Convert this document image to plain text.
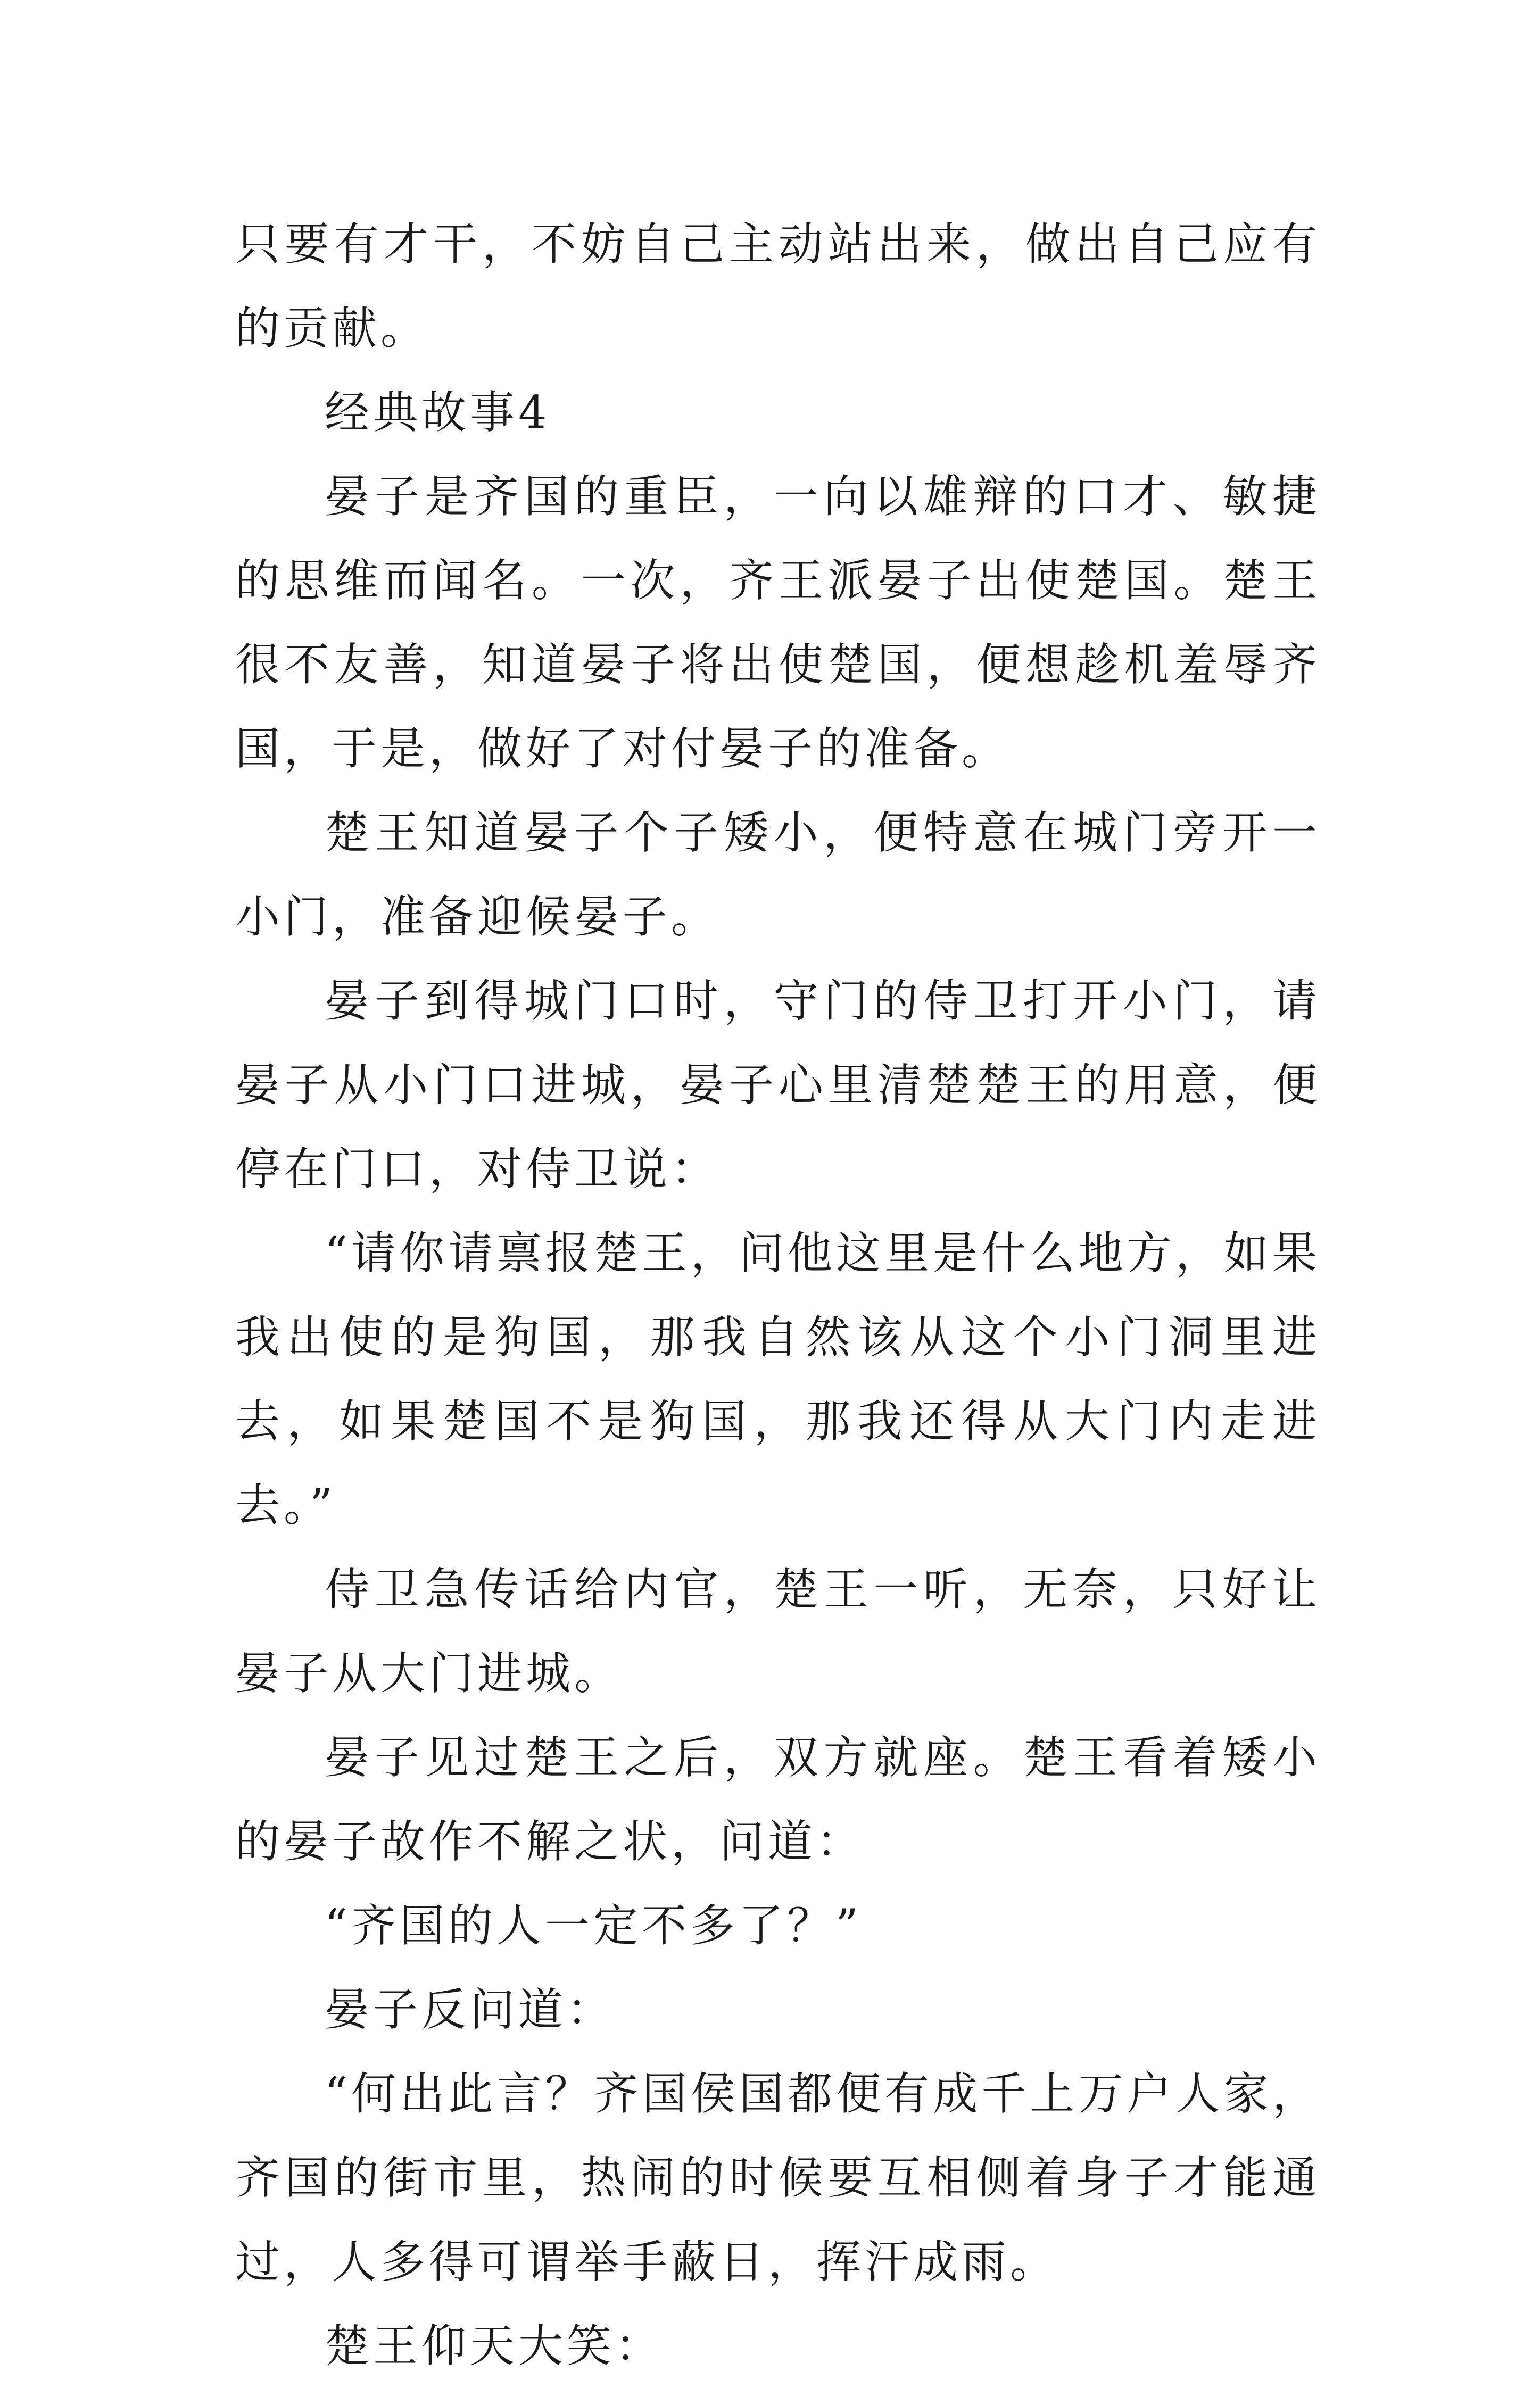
只要有才干，不妨自己主动站出来，做出自己应有的贡献。

经典故事4

晏子是齐国的重臣，一向以雄辩的口才、敏捷的思维而闻名。一次，齐王派晏子出使楚国。楚王很不友善，知道晏子将出使楚国，便想趁机羞辱齐国，于是，做好了对付晏子的准备。

楚王知道晏子个子矮小，便特意在城门旁开一小门，准备迎候晏子。

晏子到得城门口时，守门的侍卫打开小门，请晏子从小门口进城，晏子心里清楚楚王的用意，便停在门口，对侍卫说：

“请你请禀报楚王，问他这里是什么地方，如果我出使的是狗国，那我自然该从这个小门洞里进去，如果楚国不是狗国，那我还得从大门内走进去。”

侍卫急传话给内官，楚王一听，无奈，只好让晏子从大门进城。

晏子见过楚王之后，双方就座。楚王看着矮小的晏子故作不解之状，问道：

“齐国的人一定不多了？”

晏子反问道：

“何出此言？齐国侯国都便有成千上万户人家，齐国的街市里，热闹的时候要互相侧着身子才能通过，人多得可谓举手蔽日，挥汗成雨。

楚王仰天大笑：
